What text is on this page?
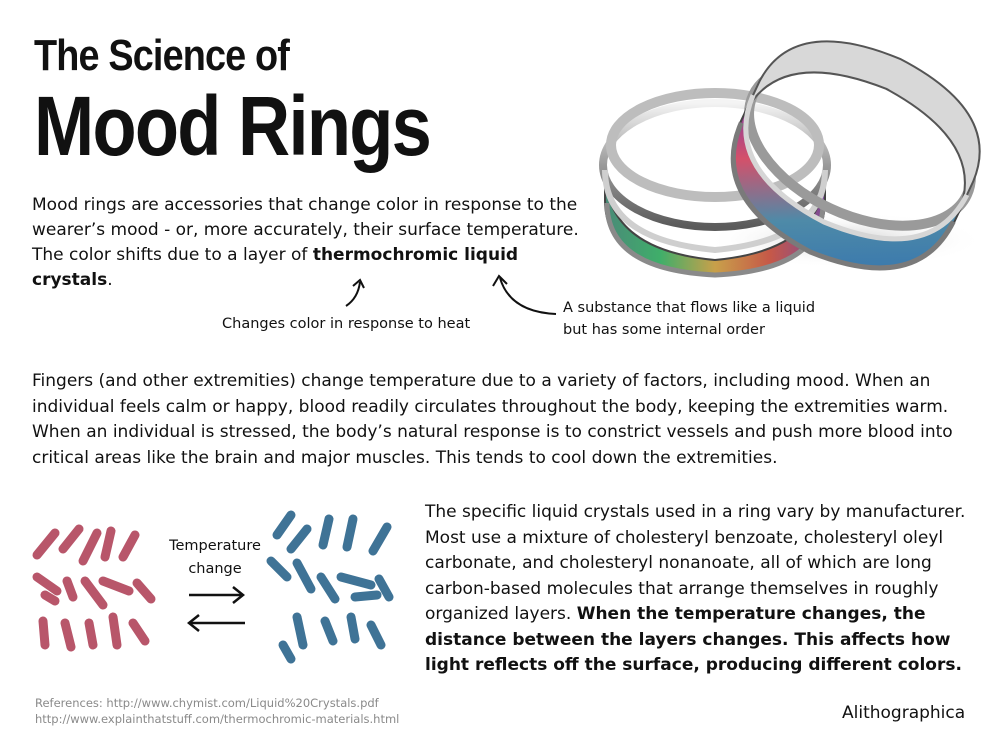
The Science of
Mood Rings
Mood rings are accessories that change color in response to the wearer’s mood - or, more accurately, their surface temperature. The color shifts due to a layer of thermochromic liquid crystals.
Changes color in response to heat
A substance that flows like a liquid
but has some internal order
Fingers (and other extremities) change temperature due to a variety of factors, including mood. When an individual feels calm or happy, blood readily circulates throughout the body, keeping the extremities warm. When an individual is stressed, the body’s natural response is to constrict vessels and push more blood into critical areas like the brain and major muscles. This tends to cool down the extremities.
Temperature
change
The specific liquid crystals used in a ring vary by manufacturer. Most use a mixture of cholesteryl benzoate, cholesteryl oleyl carbonate, and cholesteryl nonanoate, all of which are long carbon-based molecules that arrange themselves in roughly organized layers. When the temperature changes, the distance between the layers changes. This affects how light reflects off the surface, producing different colors.
References: http://www.chymist.com/Liquid%20Crystals.pdf
http://www.explainthatstuff.com/thermochromic-materials.html	Alithographica
